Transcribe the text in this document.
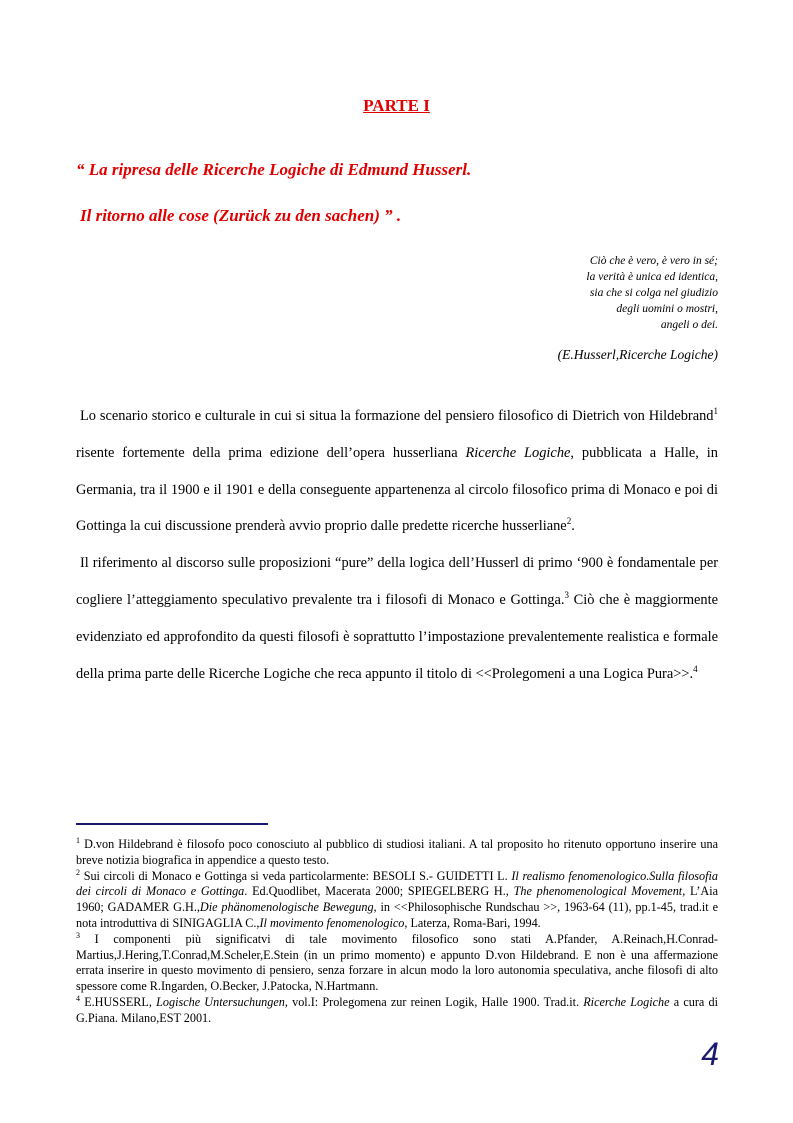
PARTE I
“ La ripresa delle Ricerche Logiche di Edmund Husserl.
Il ritorno alle cose (Zurück zu den sachen) ” .
Ciò che è vero, è vero in sé;
la verità è unica ed identica,
sia che si colga nel giudizio
degli uomini o mostri,
angeli o dei.
(E.Husserl,Ricerche Logiche)

Lo scenario storico e culturale in cui si situa la formazione del pensiero filosofico di Dietrich von Hildebrand$^1$ risente fortemente della prima edizione dell’opera husserliana Ricerche Logiche, pubblicata a Halle, in Germania, tra il 1900 e il 1901 e della conseguente appartenenza al circolo filosofico prima di Monaco e poi di Gottinga la cui discussione prenderà avvio proprio dalle predette ricerche husserliane$^2$.

Il riferimento al discorso sulle proposizioni “pure” della logica dell’Husserl di primo ‘900 è fondamentale per cogliere l’atteggiamento speculativo prevalente tra i filosofi di Monaco e Gottinga.$^3$ Ciò che è maggiormente evidenziato ed approfondito da questi filosofi è soprattutto l’impostazione prevalentemente realistica e formale della prima parte delle Ricerche Logiche che reca appunto il titolo di <<Prolegomeni a una Logica Pura>>.$^4$

$^1$ D.von Hildebrand è filosofo poco conosciuto al pubblico di studiosi italiani. A tal proposito ho ritenuto opportuno inserire una breve notizia biografica in appendice a questo testo.

$^2$ Sui circoli di Monaco e Gottinga si veda particolarmente: BESOLI S.- GUIDETTI L. Il realismo fenomenologico.Sulla filosofia dei circoli di Monaco e Gottinga. Ed.Quodlibet, Macerata 2000; SPIEGELBERG H., The phenomenological Movement, L’Aia 1960; GADAMER G.H.,Die phänomenologische Bewegung, in <<Philosophische Rundschau >>, 1963-64 (11), pp.1-45, trad.it e nota introduttiva di SINIGAGLIA C.,Il movimento fenomenologico, Laterza, Roma-Bari, 1994.

$^3$ I componenti più significatvi di tale movimento filosofico sono stati A.Pfander, A.Reinach,H.Conrad-Martius,J.Hering,T.Conrad,M.Scheler,E.Stein (in un primo momento) e appunto D.von Hildebrand. E non è una affermazione errata inserire in questo movimento di pensiero, senza forzare in alcun modo la loro autonomia speculativa, anche filosofi di alto spessore come R.Ingarden, O.Becker, J.Patocka, N.Hartmann.

$^4$ E.HUSSERL, Logische Untersuchungen, vol.I: Prolegomena zur reinen Logik, Halle 1900. Trad.it. Ricerche Logiche a cura di G.Piana. Milano,EST 2001.

4
